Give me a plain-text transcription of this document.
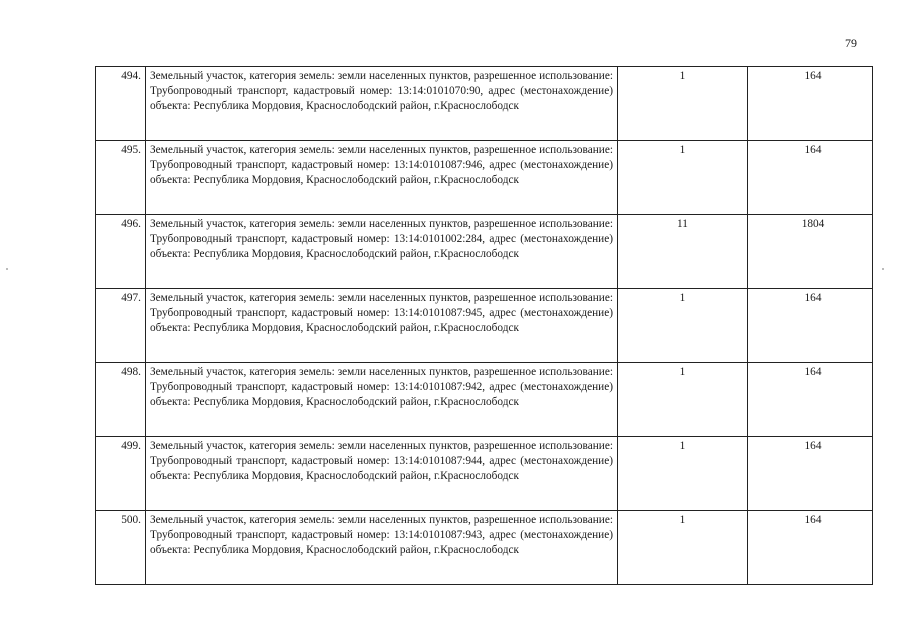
79
494.	Земельный участок, категория земель: земли населенных пунктов, разрешенное использование: Трубопроводный транспорт, кадастровый номер: 13:14:0101070:90, адрес (местонахождение) объекта: Республика Мордовия, Краснослободский район, г.Краснослободск	1	164
495.	Земельный участок, категория земель: земли населенных пунктов, разрешенное использование: Трубопроводный транспорт, кадастровый номер: 13:14:0101087:946, адрес (местонахождение) объекта: Республика Мордовия, Краснослободский район, г.Краснослободск	1	164
496.	Земельный участок, категория земель: земли населенных пунктов, разрешенное использование: Трубопроводный транспорт, кадастровый номер: 13:14:0101002:284, адрес (местонахождение) объекта: Республика Мордовия, Краснослободский район, г.Краснослободск	11	1804
497.	Земельный участок, категория земель: земли населенных пунктов, разрешенное использование: Трубопроводный транспорт, кадастровый номер: 13:14:0101087:945, адрес (местонахождение) объекта: Республика Мордовия, Краснослободский район, г.Краснослободск	1	164
498.	Земельный участок, категория земель: земли населенных пунктов, разрешенное использование: Трубопроводный транспорт, кадастровый номер: 13:14:0101087:942, адрес (местонахождение) объекта: Республика Мордовия, Краснослободский район, г.Краснослободск	1	164
499.	Земельный участок, категория земель: земли населенных пунктов, разрешенное использование: Трубопроводный транспорт, кадастровый номер: 13:14:0101087:944, адрес (местонахождение) объекта: Республика Мордовия, Краснослободский район, г.Краснослободск	1	164
500.	Земельный участок, категория земель: земли населенных пунктов, разрешенное использование: Трубопроводный транспорт, кадастровый номер: 13:14:0101087:943, адрес (местонахождение) объекта: Республика Мордовия, Краснослободский район, г.Краснослободск	1	164
